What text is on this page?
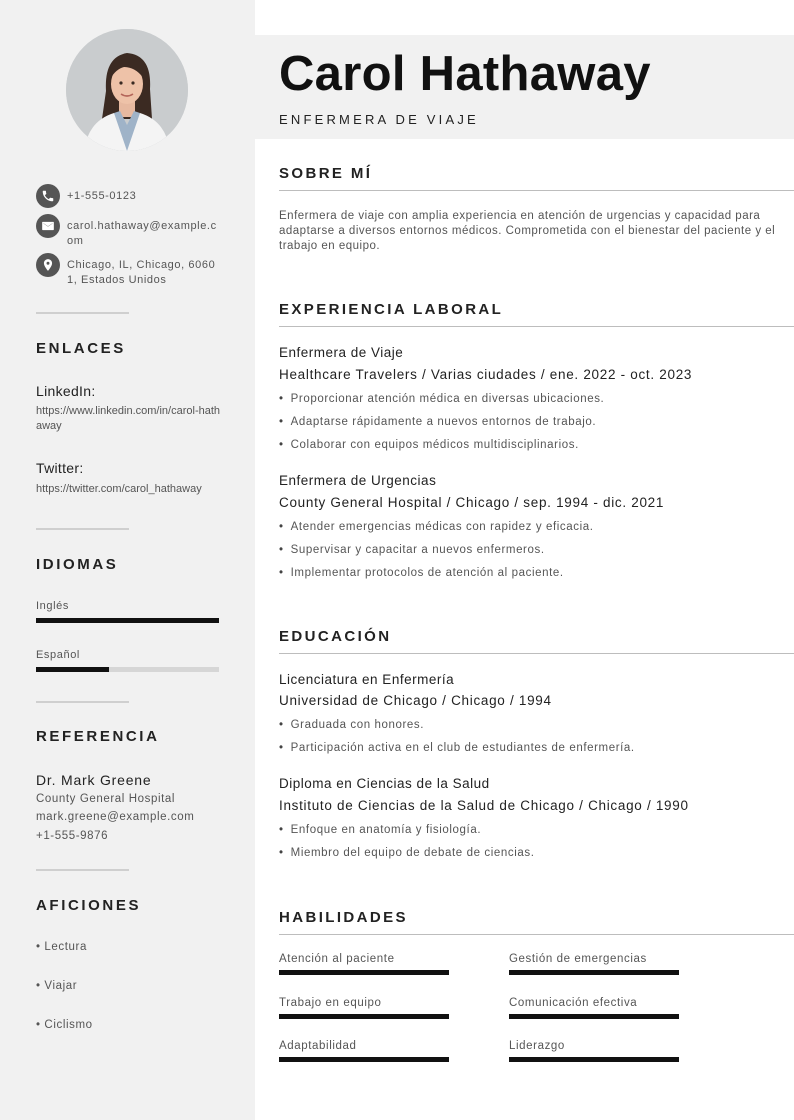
+1-555-0123
carol.hathaway@example.com
Chicago, IL, Chicago, 60601, Estados Unidos
ENLACES
LinkedIn:
https://www.linkedin.com/in/carol-hathaway
Twitter:
https://twitter.com/carol_hathaway
IDIOMAS
Inglés
Español
REFERENCIA
Dr. Mark Greene
County General Hospital
mark.greene@example.com
+1-555-9876
AFICIONES
• Lectura
• Viajar
• Ciclismo
Carol Hathaway
ENFERMERA DE VIAJE
SOBRE MÍ
Enfermera de viaje con amplia experiencia en atención de urgencias y capacidad para adaptarse a diversos entornos médicos. Comprometida con el bienestar del paciente y el trabajo en equipo.
EXPERIENCIA LABORAL
Enfermera de Viaje
Healthcare Travelers / Varias ciudades / ene. 2022 - oct. 2023
• Proporcionar atención médica en diversas ubicaciones.
• Adaptarse rápidamente a nuevos entornos de trabajo.
• Colaborar con equipos médicos multidisciplinarios.
Enfermera de Urgencias
County General Hospital / Chicago / sep. 1994 - dic. 2021
• Atender emergencias médicas con rapidez y eficacia.
• Supervisar y capacitar a nuevos enfermeros.
• Implementar protocolos de atención al paciente.
EDUCACIÓN
Licenciatura en Enfermería
Universidad de Chicago / Chicago / 1994
• Graduada con honores.
• Participación activa en el club de estudiantes de enfermería.
Diploma en Ciencias de la Salud
Instituto de Ciencias de la Salud de Chicago / Chicago / 1990
• Enfoque en anatomía y fisiología.
• Miembro del equipo de debate de ciencias.
HABILIDADES
Atención al paciente	Gestión de emergencias
Trabajo en equipo	Comunicación efectiva
Adaptabilidad	Liderazgo
